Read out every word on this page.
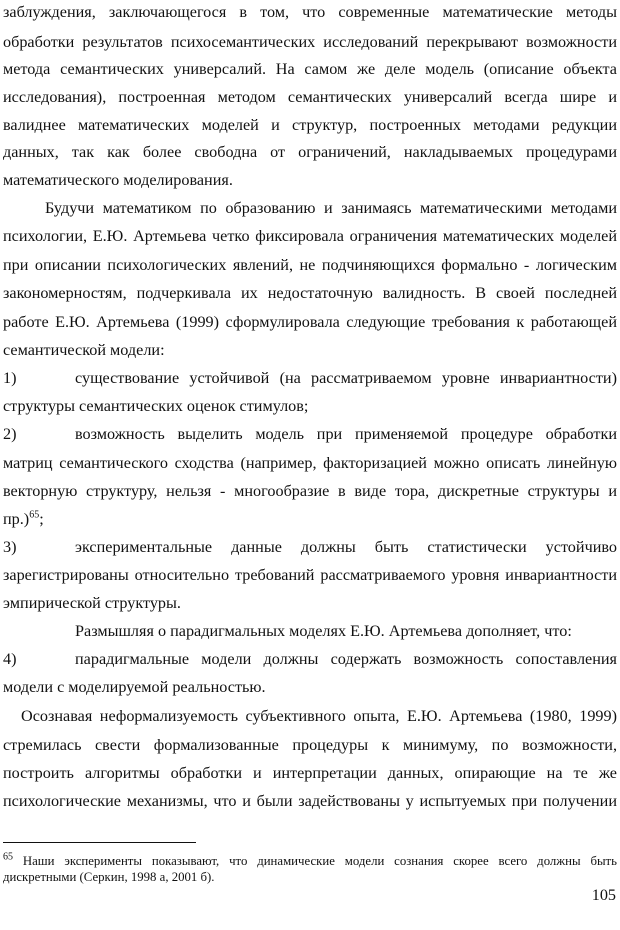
заблуждения, заключающегося в том, что современные математические методы
обработки результатов психосемантических исследований перекрывают возможности
метода семантических универсалий. На самом же деле модель (описание объекта
исследования), построенная методом семантических универсалий всегда шире и
валиднее математических моделей и структур, построенных методами редукции
данных, так как более свободна от ограничений, накладываемых процедурами
математического моделирования.
Будучи математиком по образованию и занимаясь математическими методами
психологии, Е.Ю. Артемьева четко фиксировала ограничения математических моделей
при описании психологических явлений, не подчиняющихся формально - логическим
закономерностям, подчеркивала их недостаточную валидность. В своей последней
работе Е.Ю. Артемьева (1999) сформулировала следующие требования к работающей
семантической модели:
1)	существование устойчивой (на рассматриваемом уровне инвариантности)
структуры семантических оценок стимулов;
2)	возможность выделить модель при применяемой процедуре обработки
матриц семантического сходства (например, факторизацией можно описать линейную
векторную структуру, нельзя - многообразие в виде тора, дискретные структуры и
пр.)$^{65}$;
3)	экспериментальные данные должны быть статистически устойчиво
зарегистрированы относительно требований рассматриваемого уровня инвариантности
эмпирической структуры.
Размышляя о парадигмальных моделях Е.Ю. Артемьева дополняет, что:
4)	парадигмальные модели должны содержать возможность сопоставления
модели с моделируемой реальностью.
Осознавая неформализуемость субъективного опыта, Е.Ю. Артемьева (1980, 1999)
стремилась свести формализованные процедуры к минимуму, по возможности,
построить алгоритмы обработки и интерпретации данных, опирающие на те же
психологические механизмы, что и были задействованы у испытуемых при получении
$^{65}$ Наши эксперименты показывают, что динамические модели сознания скорее всего должны быть
дискретными (Серкин, 1998 а, 2001 б).
105
